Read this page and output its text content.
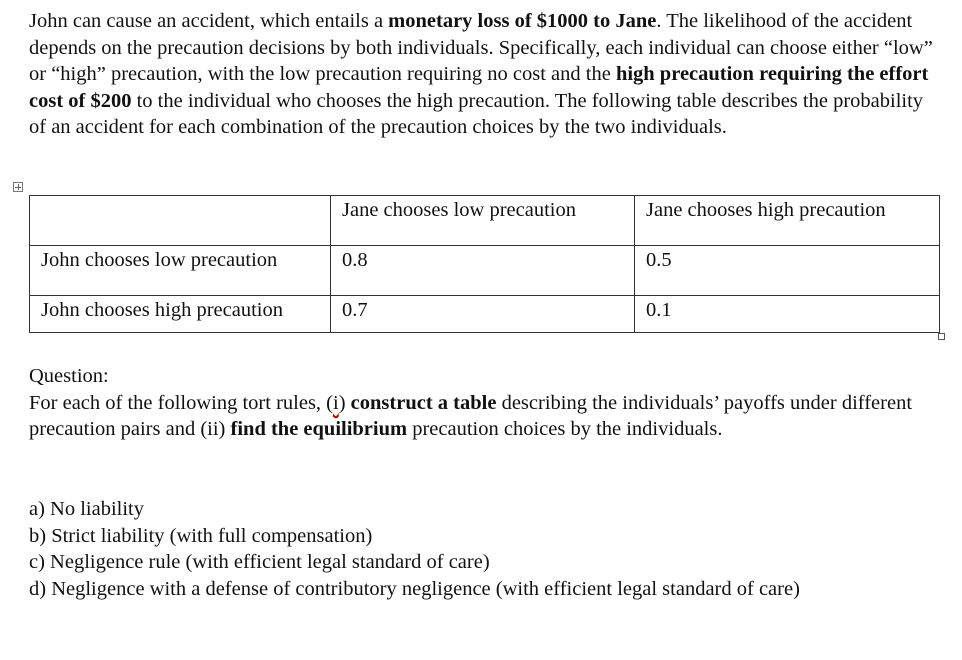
John can cause an accident, which entails a monetary loss of $1000 to Jane. The likelihood of the accident depends on the precaution decisions by both individuals. Specifically, each individual can choose either “low” or “high” precaution, with the low precaution requiring no cost and the high precaution requiring the effort cost of $200 to the individual who chooses the high precaution. The following table describes the probability of an accident for each combination of the precaution choices by the two individuals.

	Jane chooses low precaution	Jane chooses high precaution
John chooses low precaution	0.8	0.5
John chooses high precaution	0.7	0.1
Question:
For each of the following tort rules, (i) construct a table describing the individuals’ payoffs under different precaution pairs and (ii) find the equilibrium precaution choices by the individuals.
a) No liability
b) Strict liability (with full compensation)
c) Negligence rule (with efficient legal standard of care)
d) Negligence with a defense of contributory negligence (with efficient legal standard of care)
